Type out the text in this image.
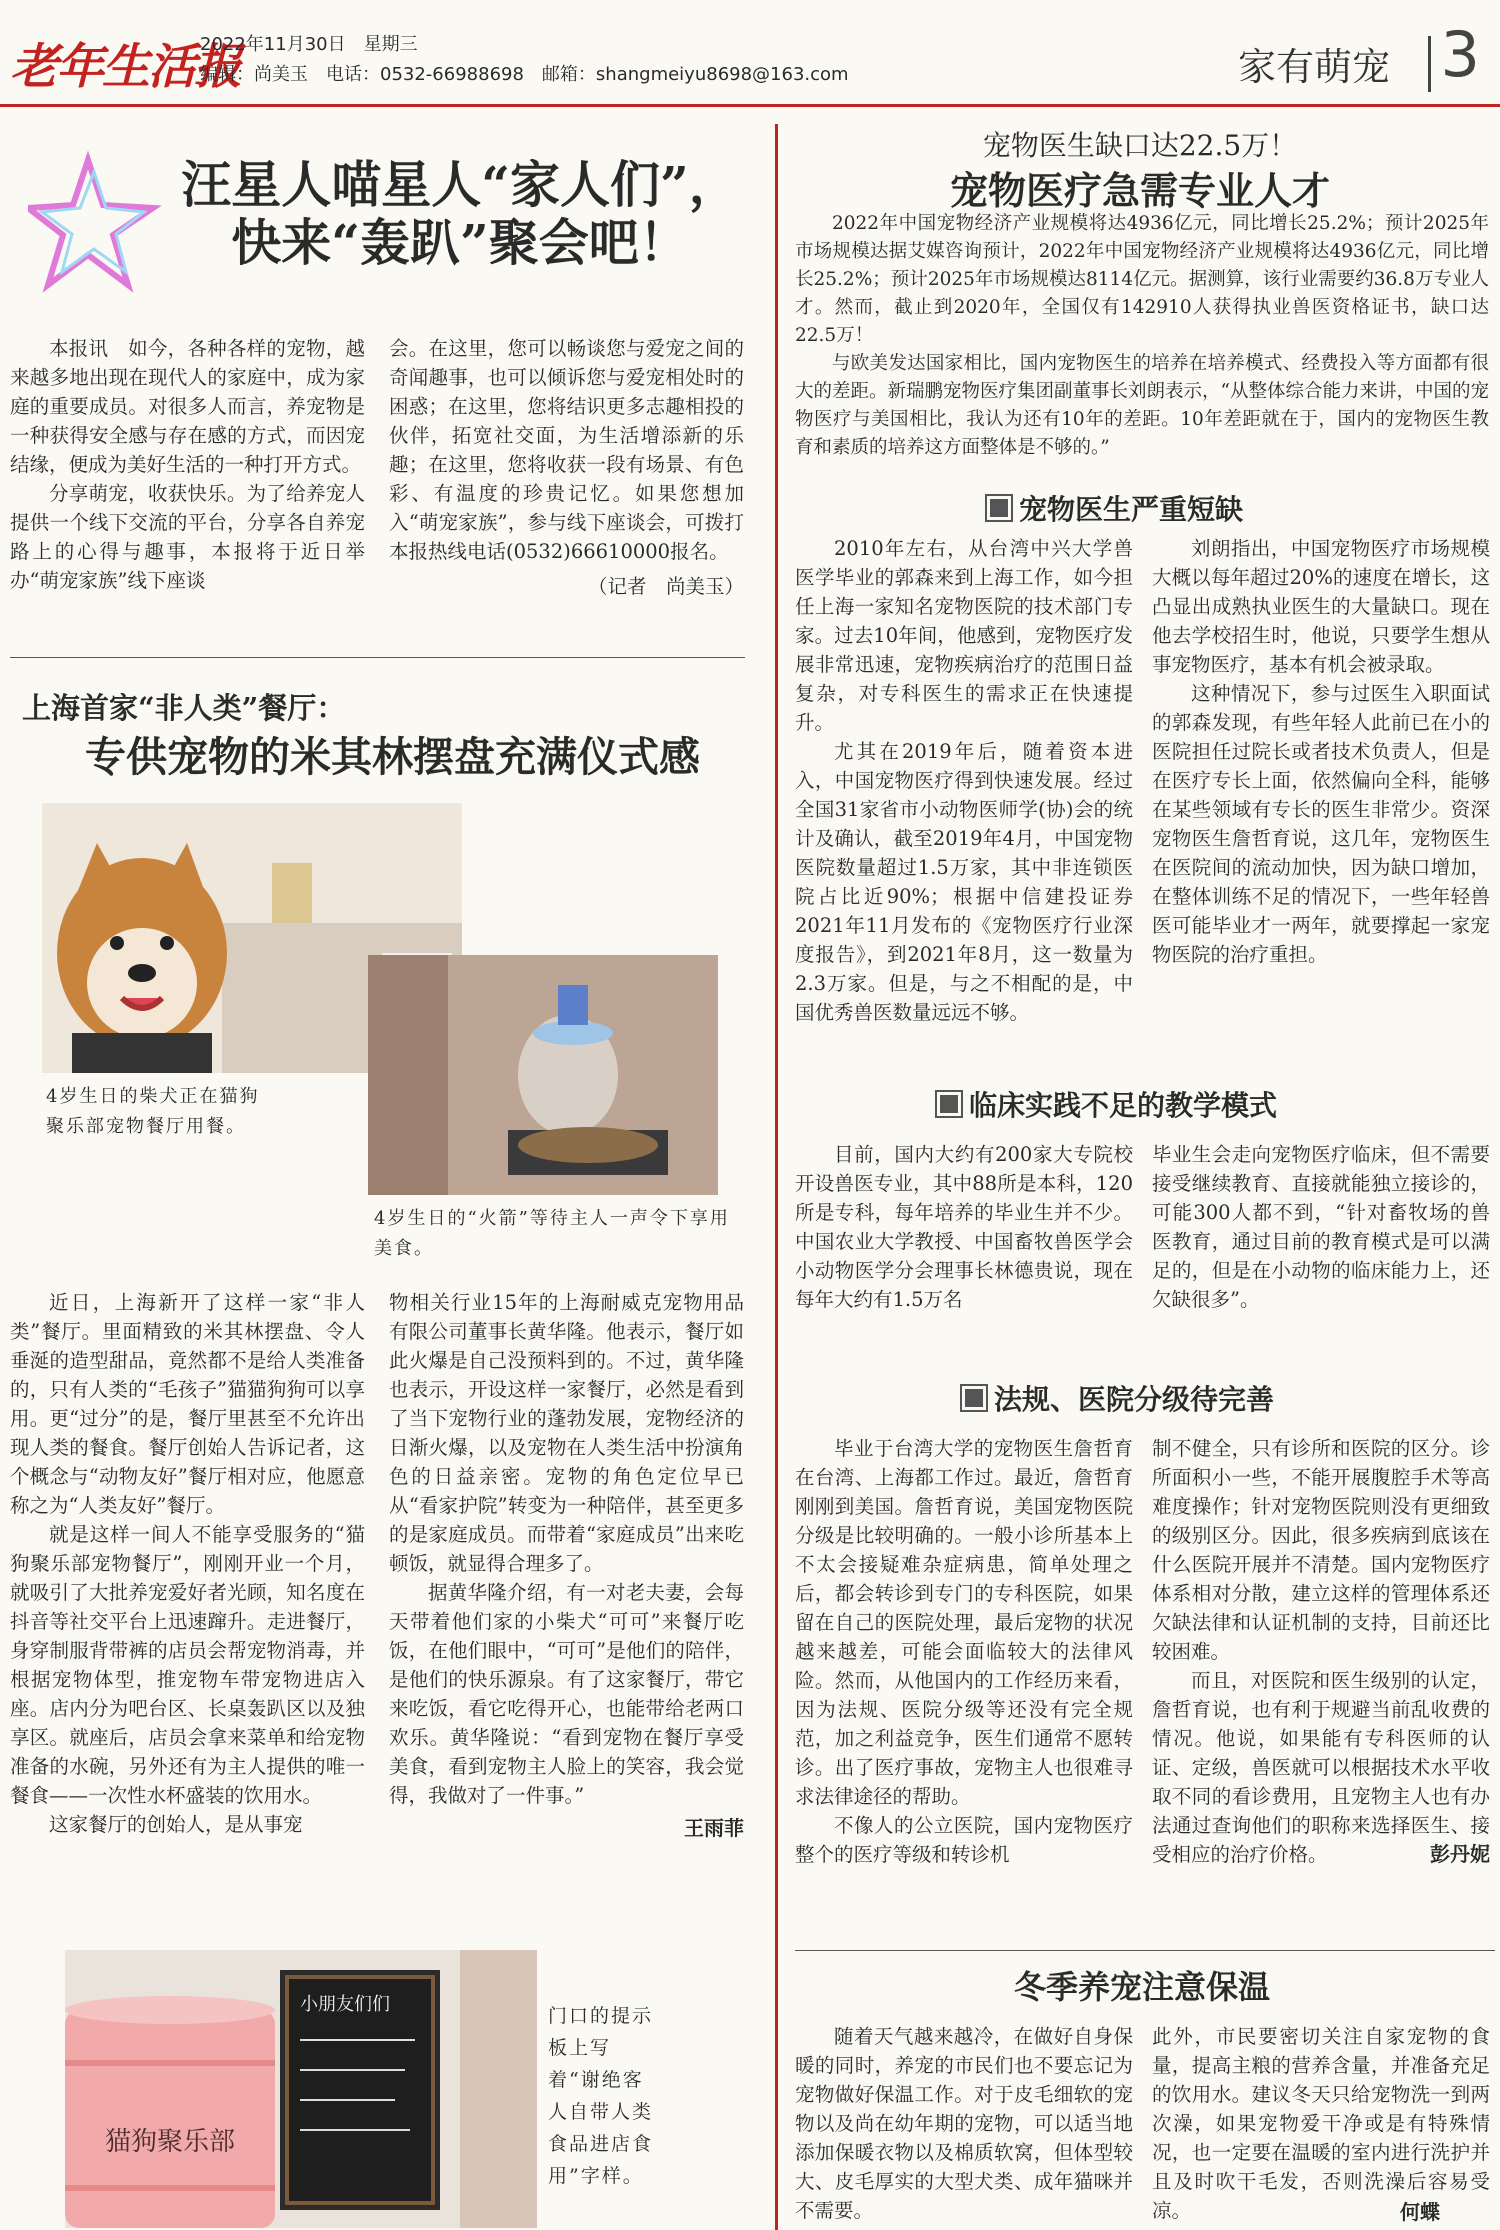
老年生活报
2022年11月30日　星期三
编辑：尚美玉　电话：0532-66988698　邮箱：shangmeiyu8698@163.com	家有萌宠 3
汪星人喵星人“家人们”，
快来“轰趴”聚会吧！

本报讯　如今，各种各样的宠物，越来越多地出现在现代人的家庭中，成为家庭的重要成员。对很多人而言，养宠物是一种获得安全感与存在感的方式，而因宠结缘，便成为美好生活的一种打开方式。

分享萌宠，收获快乐。为了给养宠人提供一个线下交流的平台，分享各自养宠路上的心得与趣事，本报将于近日举办“萌宠家族”线下座谈

会。在这里，您可以畅谈您与爱宠之间的奇闻趣事，也可以倾诉您与爱宠相处时的困惑；在这里，您将结识更多志趣相投的伙伴，拓宽社交面，为生活增添新的乐趣；在这里，您将收获一段有场景、有色彩、有温度的珍贵记忆。如果您想加入“萌宠家族”，参与线下座谈会，可拨打本报热线电话(0532)66610000报名。

（记者　尚美玉）
上海首家“非人类”餐厅：
专供宠物的米其林摆盘充满仪式感
4岁生日的柴犬正在猫狗聚乐部宠物餐厅用餐。
4岁生日的“火箭”等待主人一声令下享用美食。

近日，上海新开了这样一家“非人类”餐厅。里面精致的米其林摆盘、令人垂涎的造型甜品，竟然都不是给人类准备的，只有人类的“毛孩子”猫猫狗狗可以享用。更“过分”的是，餐厅里甚至不允许出现人类的餐食。餐厅创始人告诉记者，这个概念与“动物友好”餐厅相对应，他愿意称之为“人类友好”餐厅。

就是这样一间人不能享受服务的“猫狗聚乐部宠物餐厅”，刚刚开业一个月，就吸引了大批养宠爱好者光顾，知名度在抖音等社交平台上迅速蹿升。走进餐厅，身穿制服背带裤的店员会帮宠物消毒，并根据宠物体型，推宠物车带宠物进店入座。店内分为吧台区、长桌轰趴区以及独享区。就座后，店员会拿来菜单和给宠物准备的水碗，另外还有为主人提供的唯一餐食——一次性水杯盛装的饮用水。

这家餐厅的创始人，是从事宠

物相关行业15年的上海耐威克宠物用品有限公司董事长黄华隆。他表示，餐厅如此火爆是自己没预料到的。不过，黄华隆也表示，开设这样一家餐厅，必然是看到了当下宠物行业的蓬勃发展，宠物经济的日渐火爆，以及宠物在人类生活中扮演角色的日益亲密。宠物的角色定位早已从“看家护院”转变为一种陪伴，甚至更多的是家庭成员。而带着“家庭成员”出来吃顿饭，就显得合理多了。

据黄华隆介绍，有一对老夫妻，会每天带着他们家的小柴犬“可可”来餐厅吃饭，在他们眼中，“可可”是他们的陪伴，是他们的快乐源泉。有了这家餐厅，带它来吃饭，看它吃得开心，也能带给老两口欢乐。黄华隆说：“看到宠物在餐厅享受美食，看到宠物主人脸上的笑容，我会觉得，我做对了一件事。”

王雨菲
猫狗聚乐部
小朋友们们
门口的提示板上写着“谢绝客人自带人类食品进店食用”字样。
宠物医生缺口达22.5万！
宠物医疗急需专业人才

2022年中国宠物经济产业规模将达4936亿元，同比增长25.2%；预计2025年市场规模达据艾媒咨询预计，2022年中国宠物经济产业规模将达4936亿元，同比增长25.2%；预计2025年市场规模达8114亿元。据测算，该行业需要约36.8万专业人才。然而，截止到2020年，全国仅有142910人获得执业兽医资格证书，缺口达22.5万！

与欧美发达国家相比，国内宠物医生的培养在培养模式、经费投入等方面都有很大的差距。新瑞鹏宠物医疗集团副董事长刘朗表示，“从整体综合能力来讲，中国的宠物医疗与美国相比，我认为还有10年的差距。10年差距就在于，国内的宠物医生教育和素质的培养这方面整体是不够的。”

宠物医生严重短缺

2010年左右，从台湾中兴大学兽医学毕业的郭森来到上海工作，如今担任上海一家知名宠物医院的技术部门专家。过去10年间，他感到，宠物医疗发展非常迅速，宠物疾病治疗的范围日益复杂，对专科医生的需求正在快速提升。

尤其在2019年后，随着资本进入，中国宠物医疗得到快速发展。经过全国31家省市小动物医师学(协)会的统计及确认，截至2019年4月，中国宠物医院数量超过1.5万家，其中非连锁医院占比近90%；根据中信建投证券2021年11月发布的《宠物医疗行业深度报告》，到2021年8月，这一数量为2.3万家。但是，与之不相配的是，中国优秀兽医数量远远不够。

刘朗指出，中国宠物医疗市场规模大概以每年超过20%的速度在增长，这凸显出成熟执业医生的大量缺口。现在他去学校招生时，他说，只要学生想从事宠物医疗，基本有机会被录取。

这种情况下，参与过医生入职面试的郭森发现，有些年轻人此前已在小的医院担任过院长或者技术负责人，但是在医疗专长上面，依然偏向全科，能够在某些领域有专长的医生非常少。资深宠物医生詹哲育说，这几年，宠物医生在医院间的流动加快，因为缺口增加，在整体训练不足的情况下，一些年轻兽医可能毕业才一两年，就要撑起一家宠物医院的治疗重担。

临床实践不足的教学模式

目前，国内大约有200家大专院校开设兽医专业，其中88所是本科，120所是专科，每年培养的毕业生并不少。中国农业大学教授、中国畜牧兽医学会小动物医学分会理事长林德贵说，现在每年大约有1.5万名

毕业生会走向宠物医疗临床，但不需要接受继续教育、直接就能独立接诊的，可能300人都不到，“针对畜牧场的兽医教育，通过目前的教育模式是可以满足的，但是在小动物的临床能力上，还欠缺很多”。

法规、医院分级待完善

毕业于台湾大学的宠物医生詹哲育在台湾、上海都工作过。最近，詹哲育刚刚到美国。詹哲育说，美国宠物医院分级是比较明确的。一般小诊所基本上不太会接疑难杂症病患，简单处理之后，都会转诊到专门的专科医院，如果留在自己的医院处理，最后宠物的状况越来越差，可能会面临较大的法律风险。然而，从他国内的工作经历来看，因为法规、医院分级等还没有完全规范，加之利益竞争，医生们通常不愿转诊。出了医疗事故，宠物主人也很难寻求法律途径的帮助。

不像人的公立医院，国内宠物医疗整个的医疗等级和转诊机

制不健全，只有诊所和医院的区分。诊所面积小一些，不能开展腹腔手术等高难度操作；针对宠物医院则没有更细致的级别区分。因此，很多疾病到底该在什么医院开展并不清楚。国内宠物医疗体系相对分散，建立这样的管理体系还欠缺法律和认证机制的支持，目前还比较困难。

而且，对医院和医生级别的认定，詹哲育说，也有利于规避当前乱收费的情况。他说，如果能有专科医师的认证、定级，兽医就可以根据技术水平收取不同的看诊费用，且宠物主人也有办法通过查询他们的职称来选择医生、接受相应的治疗价格。	彭丹妮
冬季养宠注意保温

随着天气越来越冷，在做好自身保暖的同时，养宠的市民们也不要忘记为宠物做好保温工作。对于皮毛细软的宠物以及尚在幼年期的宠物，可以适当地添加保暖衣物以及棉质软窝，但体型较大、皮毛厚实的大型犬类、成年猫咪并不需要。

此外，市民要密切关注自家宠物的食量，提高主粮的营养含量，并准备充足的饮用水。建议冬天只给宠物洗一到两次澡，如果宠物爱干净或是有特殊情况，也一定要在温暖的室内进行洗护并且及时吹干毛发，否则洗澡后容易受凉。	何蝶
